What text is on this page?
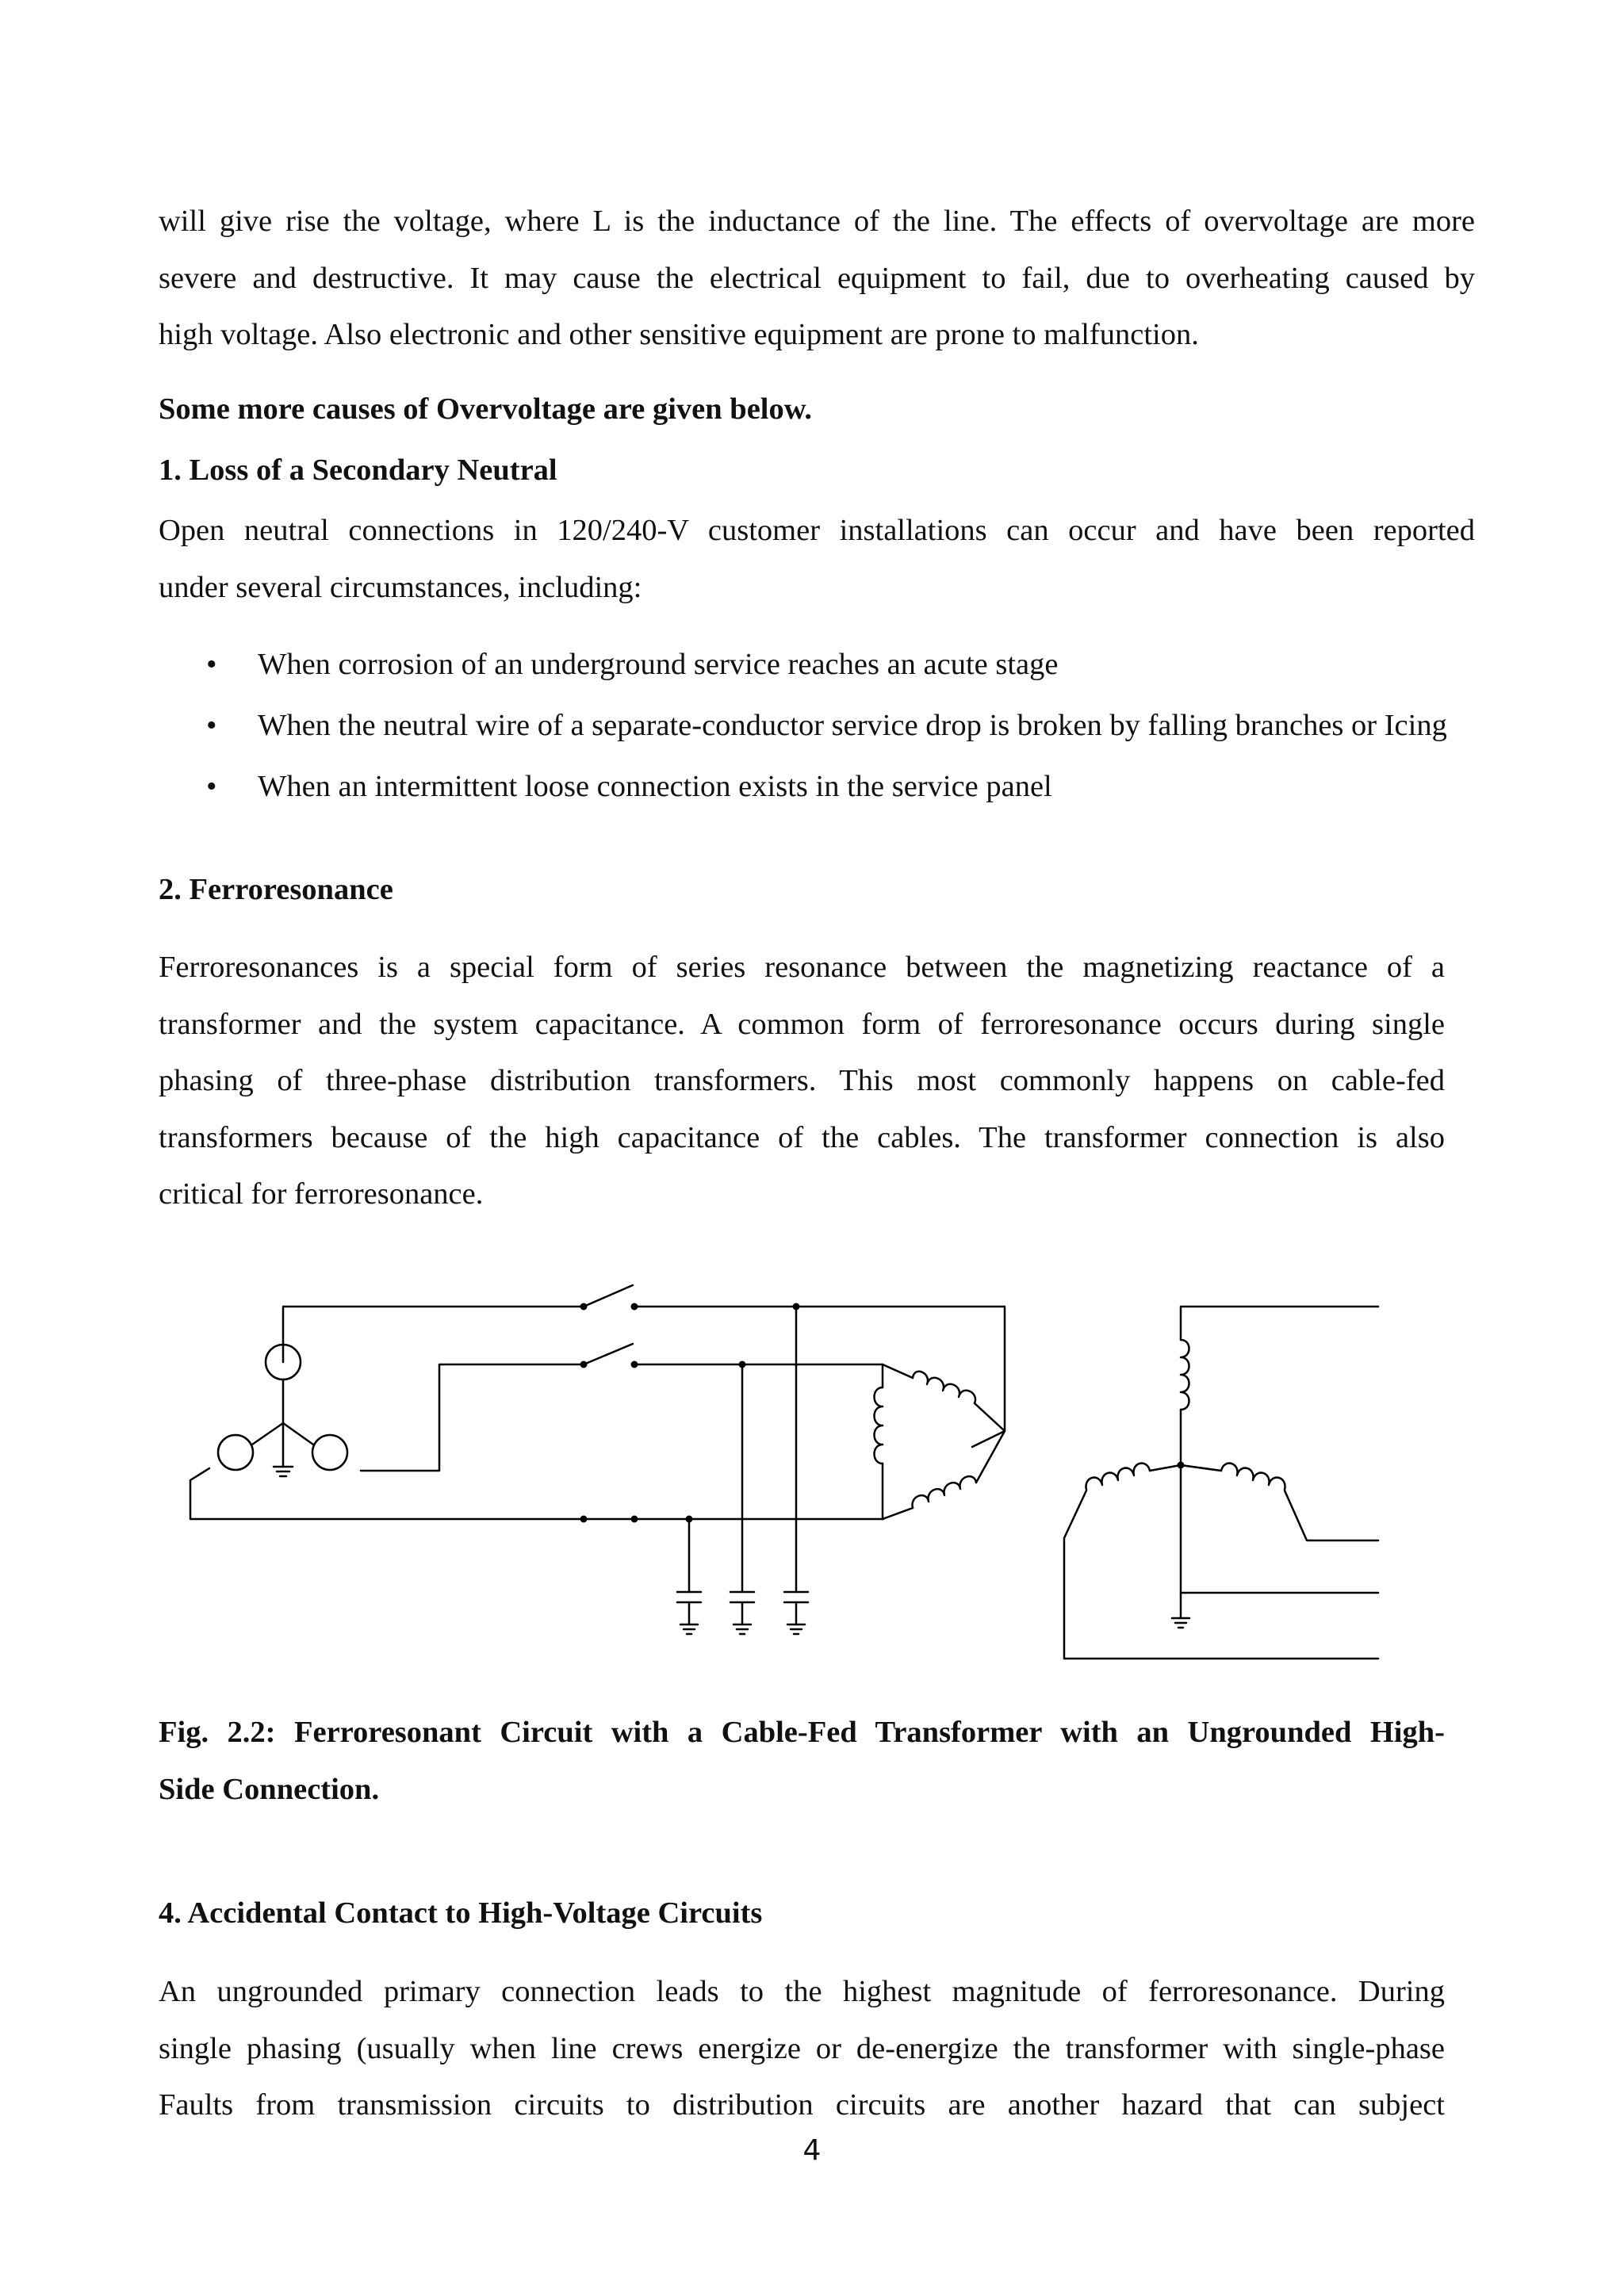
will give rise the voltage, where L is the inductance of the line. The effects of overvoltage are more

severe and destructive. It may cause the electrical equipment to fail, due to overheating caused by

high voltage. Also electronic and other sensitive equipment are prone to malfunction.

Some more causes of Overvoltage are given below.

1. Loss of a Secondary Neutral

Open neutral connections in 120/240-V customer installations can occur and have been reported

under several circumstances, including:

• When corrosion of an underground service reaches an acute stage
• When the neutral wire of a separate-conductor service drop is broken by falling branches or Icing
• When an intermittent loose connection exists in the service panel

2. Ferroresonance

Ferroresonances is a special form of series resonance between the magnetizing reactance of a

transformer and the system capacitance. A common form of ferroresonance occurs during single

phasing of three-phase distribution transformers. This most commonly happens on cable-fed

transformers because of the high capacitance of the cables. The transformer connection is also

critical for ferroresonance.

Fig. 2.2: Ferroresonant Circuit with a Cable-Fed Transformer with an Ungrounded High-

Side Connection.

4. Accidental Contact to High-Voltage Circuits

An ungrounded primary connection leads to the highest magnitude of ferroresonance. During

single phasing (usually when line crews energize or de-energize the transformer with single-phase

Faults from transmission circuits to distribution circuits are another hazard that can subject

4
